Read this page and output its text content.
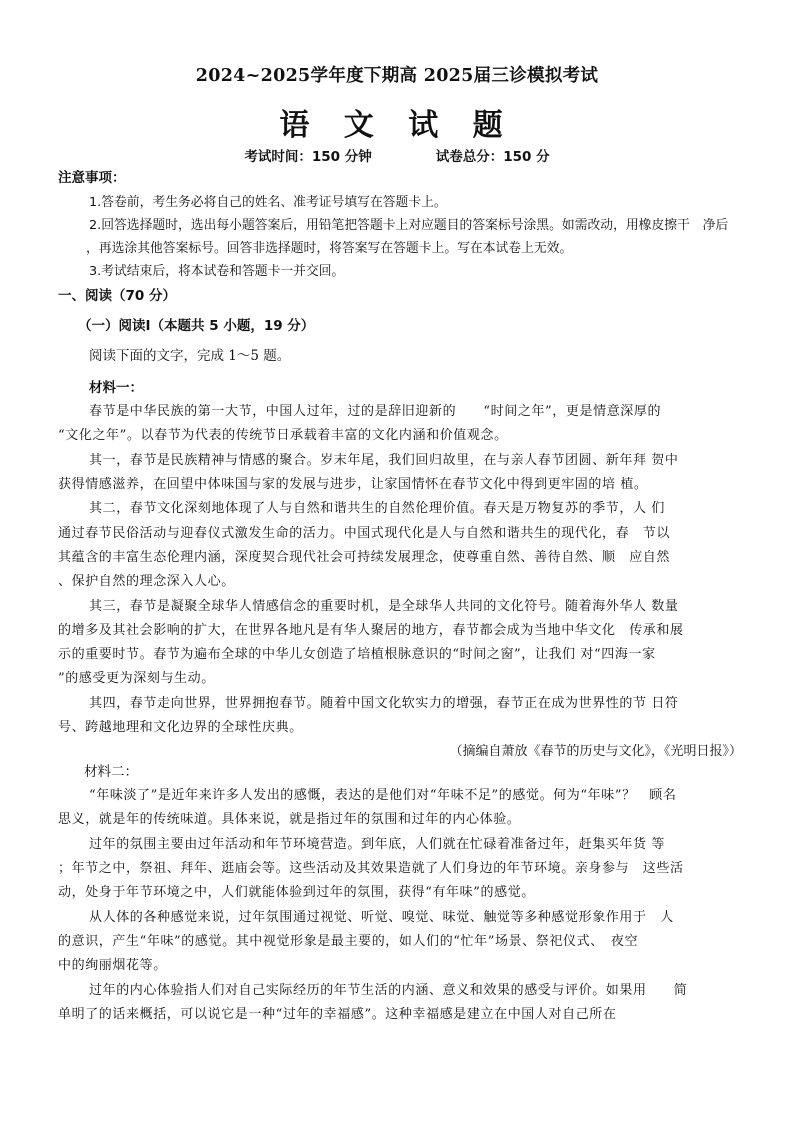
2024~2025学年度下期高 2025届三诊模拟考试
语 文 试 题
考试时间：150 分钟	试卷总分：150 分
注意事项：
1.答卷前，考生务必将自己的姓名、准考证号填写在答题卡上。
2.回答选择题时，选出每小题答案后，用铅笔把答题卡上对应题目的答案标号涂黑。如需改动，用橡皮擦干　净后
，再选涂其他答案标号。回答非选择题时，将答案写在答题卡上。写在本试卷上无效。
3.考试结束后，将本试卷和答题卡一并交回。
一、阅读（70 分）
（一）阅读Ⅰ（本题共 5 小题，19 分）
阅读下面的文字，完成 1～5 题。
材料一：
春节是中华民族的第一大节，中国人过年，过的是辞旧迎新的　　“时间之年”，更是情意深厚的
“文化之年”。以春节为代表的传统节日承载着丰富的文化内涵和价值观念。
其一，春节是民族精神与情感的聚合。岁末年尾，我们回归故里，在与亲人春节团圆、新年拜 贺中
获得情感滋养，在回望中体味国与家的发展与进步，让家国情怀在春节文化中得到更牢固的培 植。
其二，春节文化深刻地体现了人与自然和谐共生的自然伦理价值。春天是万物复苏的季节，人 们
通过春节民俗活动与迎春仪式激发生命的活力。中国式现代化是人与自然和谐共生的现代化，春　节以
其蕴含的丰富生态伦理内涵，深度契合现代社会可持续发展理念，使尊重自然、善待自然、顺　应自然
、保护自然的理念深入人心。
其三，春节是凝聚全球华人情感信念的重要时机，是全球华人共同的文化符号。随着海外华人 数量
的增多及其社会影响的扩大，在世界各地凡是有华人聚居的地方，春节都会成为当地中华文化　传承和展
示的重要时节。春节为遍布全球的中华儿女创造了培植根脉意识的“时间之窗”，让我们 对“四海一家
”的感受更为深刻与生动。
其四，春节走向世界，世界拥抱春节。随着中国文化软实力的增强，春节正在成为世界性的节 日符
号、跨越地理和文化边界的全球性庆典。
（摘编自萧放《春节的历史与文化》，《光明日报》）
材料二：
“年味淡了”是近年来许多人发出的感慨，表达的是他们对“年味不足”的感觉。何为“年味”？　顾名
思义，就是年的传统味道。具体来说，就是指过年的氛围和过年的内心体验。
过年的氛围主要由过年活动和年节环境营造。到年底，人们就在忙碌着准备过年，赶集买年货 等
；年节之中，祭祖、拜年、逛庙会等。这些活动及其效果造就了人们身边的年节环境。亲身参与　这些活
动，处身于年节环境之中，人们就能体验到过年的氛围，获得“有年味”的感觉。
从人体的各种感觉来说，过年氛围通过视觉、听觉、嗅觉、味觉、触觉等多种感觉形象作用于　人
的意识，产生“年味”的感觉。其中视觉形象是最主要的，如人们的“忙年”场景、祭祀仪式、　夜空
中的绚丽烟花等。
过年的内心体验指人们对自己实际经历的年节生活的内涵、意义和效果的感受与评价。如果用　　简
单明了的话来概括，可以说它是一种“过年的幸福感”。这种幸福感是建立在中国人对自己所在
